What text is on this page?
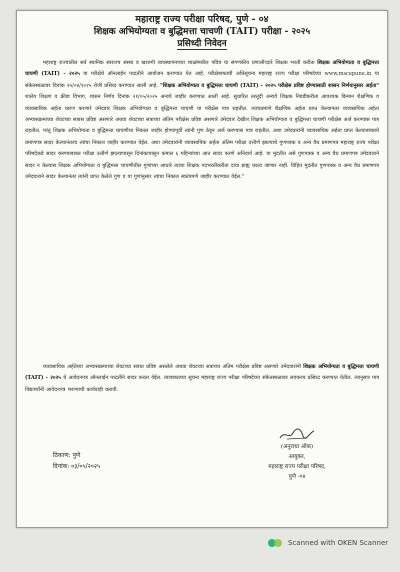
महाराष्ट्र राज्य परीक्षा परिषद, पुणे - ०४
शिक्षक अभियोग्यता व बुद्धिमत्ता चाचणी (TAIT) परीक्षा - २०२५
प्रसिध्दी निवेदन

महाराष्ट्र राज्यातील सर्व स्थानिक स्वराज्य संस्था व खाजगी व्यवस्थापनाच्या शाळांमधील पवित्र या संगणकीय प्रणालीव्दारे शिक्षक भरती करीता शिक्षक अभियोग्यता व बुद्धिमत्ता चाचणी (TAIT) - २०२५ या परीक्षेचे ऑनलाईन पध्दतीने आयोजन करण्यात येत आहे. परीक्षेबाबतची अधिसूचना महाराष्ट्र राज्य परीक्षा परिषदेच्या www.mscepune.in या संकेतस्थळावर दिनांक २५/०४/२०२५ रोजी प्रसिध्द करण्यात आली आहे. "शिक्षक अभियोग्यता व बुद्धिमत्ता चाचणी (TAIT) - २०२५ परीक्षेस प्रविष्ट होण्यासाठी शासन निर्णयानुसार अर्हता" शालेय शिक्षण व क्रीडा विभाग, शासन निर्णय दिनांक २१/०५/२०२५ अन्वये जाहीर करण्यात आली आहे. सुधारित तरतूदी अन्वये शिक्षक निवडीकरीता आवश्यक किमान शैक्षणिक व व्यावसायिक अर्हता धारण करणारे उमेदवार शिक्षक अभियोग्यता व बुद्धिमत्ता चाचणी या परीक्षेस पात्र राहतील. त्याचप्रमाणे शैक्षणिक अर्हता प्राप्त केल्यानंतर व्यावसायिक अर्हता अभ्यासक्रमाच्या शेवटच्या सत्रास प्रविष्ट असणारे अथवा शेवटच्या सत्राच्या अंतिम परीक्षेस प्रविष्ट असणारे उमेदवार देखील शिक्षक अभियोग्यता व बुद्धिमत्ता चाचणी परीक्षेस अर्ज करण्यास पात्र राहतील. परंतु शिक्षक अभियोग्यता व बुद्धिमत्ता चाचणीचा निकाल जाहीर होण्यापूर्वी त्यांनी गुण ठेवून अर्ज करण्यास पात्र राहतील. अशा उमेदवारांनी व्यावसायिक अर्हता प्राप्त केल्याबाबतचे प्रमाणपत्र सादर केल्यानंतरच त्यांचा निकाल जाहीर करण्यात येईल. अशा उमेदवारांनी व्यावसायिक अर्हता अंतिम परीक्षा उत्तीर्ण झाल्याचे गुणपत्रक व अन्य वैध प्रमाणपत्र महाराष्ट्र राज्य परीक्षा परिषदेकडे सादर करण्याबाबत परीक्षा उत्तीर्ण झाल्यापासून दिनांकापासून कमाल ६ महिन्यांच्या आत सादर करणे अनिवार्य आहे. या मुदतीत असे गुणपत्रक व अन्य वैध प्रमाणपत्र उमेदवाराने सादर न केल्यास शिक्षक अभियोग्यता व बुद्धिमत्ता चाचणीतील गुणांच्या आधारे त्याचा शिक्षक पदभरतीकरीता दावा ग्राह्य धरला जाणार नाही. विहित मुदतीत गुणपत्रक व अन्य वैध प्रमाणपत्र उमेदवाराने सादर केल्यानंतर त्यांनी प्राप्त केलेले गुण व या गुणांनुसार त्यांचा निकाल स्वतंत्रपणे जाहीर करण्यात येईल."

व्यावसायिक अर्हतेच्या अभ्यासक्रमाच्या शेवटच्या सत्रात प्रविष्ट असलेले अथवा शेवटच्या सत्राच्या अंतिम परीक्षेस प्रविष्ट असणारे उमेदवारांनी शिक्षक अभियोग्यता व बुद्धिमत्ता चाचणी (TAIT) - २०२५ चे आवेदनपत्र ऑनलाईन पध्दतीने सादर करता येईल. त्याबाबतच्या सूचना महाराष्ट्र राज्य परीक्षा परिषदेच्या संकेतस्थळावर लवकरच प्रसिध्द करण्यात येतील. त्यानुसार पात्र विद्यार्थ्यांनी आवेदनपत्र भरण्याची कार्यवाही करावी.

ठिकाण: पुणे
दिनांक: ०३/०५/२०२५
(अनुराधा ओक)
आयुक्त,
महाराष्ट्र राज्य परीक्षा परिषद,
पुणे -०४
Scanned with OKEN Scanner
